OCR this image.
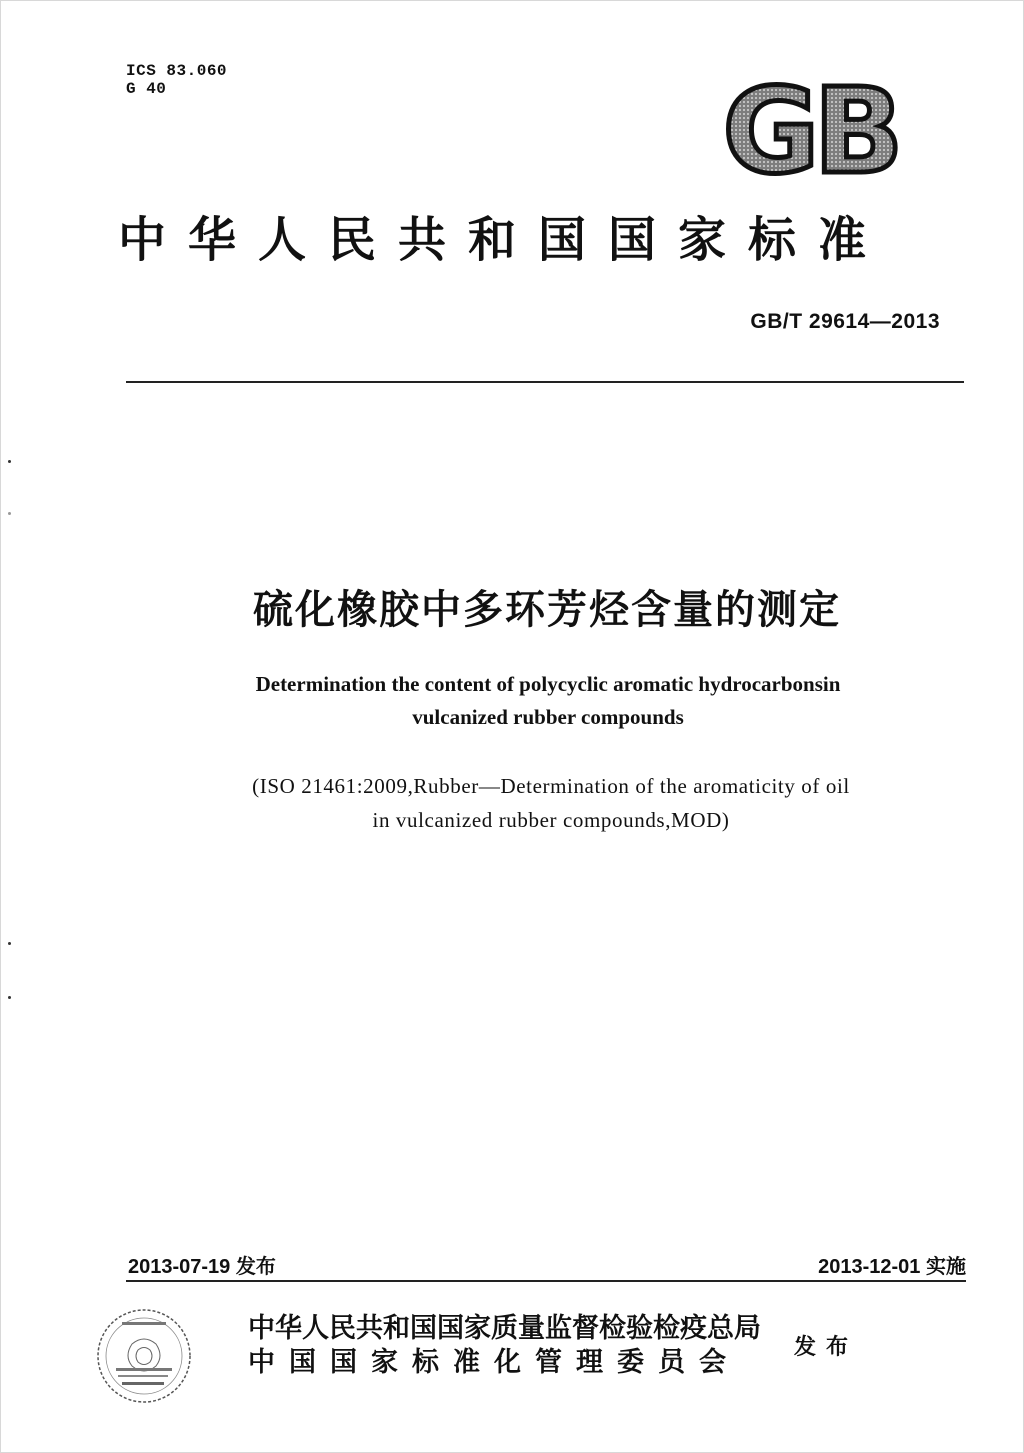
ICS 83.060
G 40	GB
中华人民共和国国家标准
GB/T 29614—2013
硫化橡胶中多环芳烃含量的测定
Determination the content of polycyclic aromatic hydrocarbonsin
vulcanized rubber compounds
(ISO 21461:2009,Rubber—Determination of the aromaticity of oil
in vulcanized rubber compounds,MOD)
2013-07-19 发布	2013-12-01 实施
中华人民共和国国家质量监督检验检疫总局
中国国家标准化管理委员会	发布
